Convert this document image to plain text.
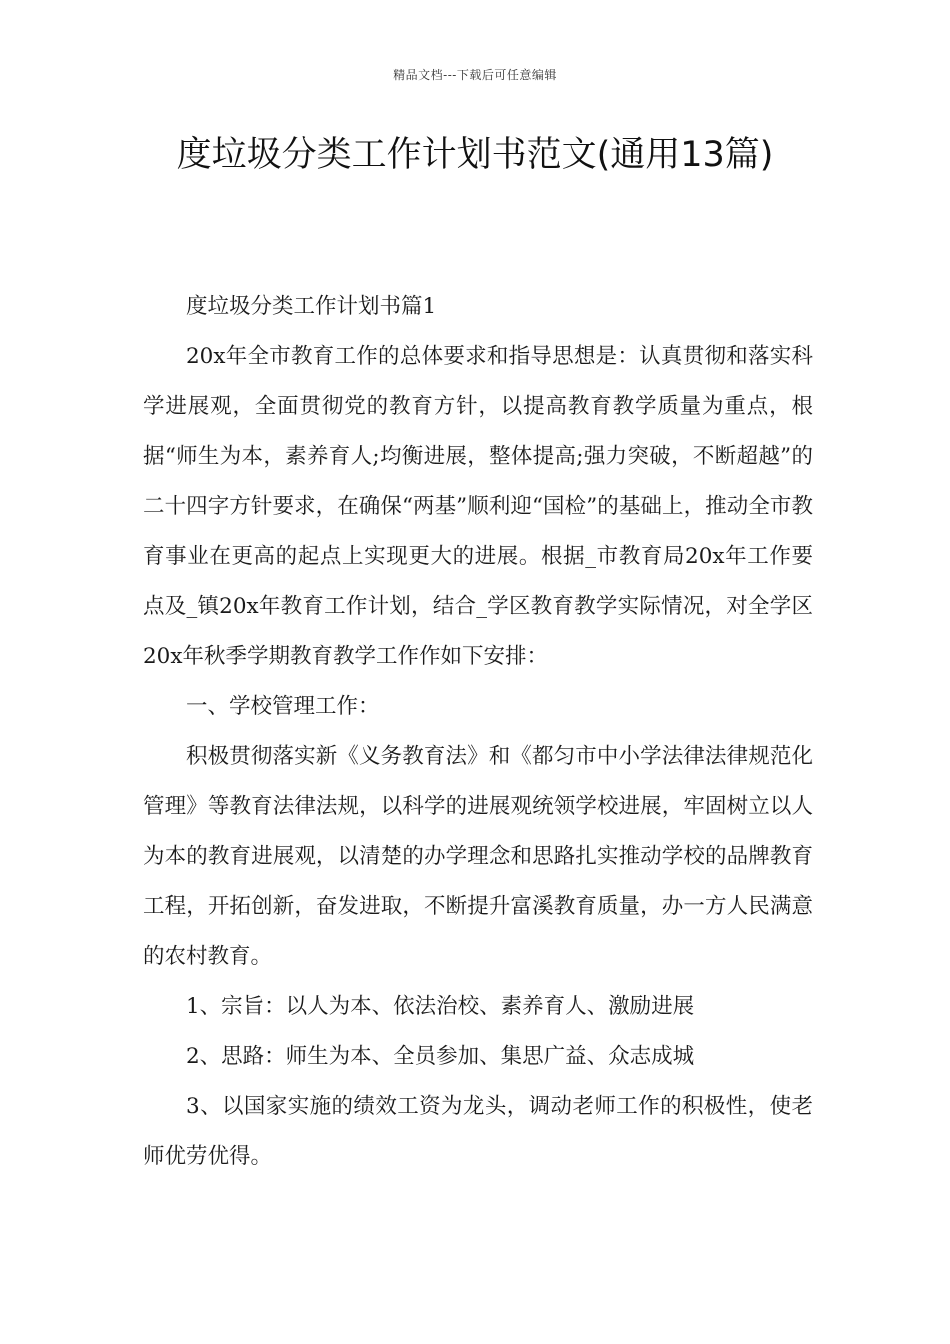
精品文档---下载后可任意编辑
度垃圾分类工作计划书范文(通用13篇)

度垃圾分类工作计划书篇1

20x年全市教育工作的总体要求和指导思想是：认真贯彻和落实科学进展观，全面贯彻党的教育方针，以提高教育教学质量为重点，根据“师生为本，素养育人;均衡进展，整体提高;强力突破，不断超越”的二十四字方针要求，在确保“两基”顺利迎“国检”的基础上，推动全市教育事业在更高的起点上实现更大的进展。根据_市教育局20x年工作要点及_镇20x年教育工作计划，结合_学区教育教学实际情况，对全学区20x年秋季学期教育教学工作作如下安排：

一、学校管理工作：

积极贯彻落实新《义务教育法》和《都匀市中小学法律法律规范化管理》等教育法律法规，以科学的进展观统领学校进展，牢固树立以人为本的教育进展观，以清楚的办学理念和思路扎实推动学校的品牌教育工程，开拓创新，奋发进取，不断提升富溪教育质量，办一方人民满意的农村教育。

1、宗旨：以人为本、依法治校、素养育人、激励进展

2、思路：师生为本、全员参加、集思广益、众志成城

3、以国家实施的绩效工资为龙头，调动老师工作的积极性，使老师优劳优得。
